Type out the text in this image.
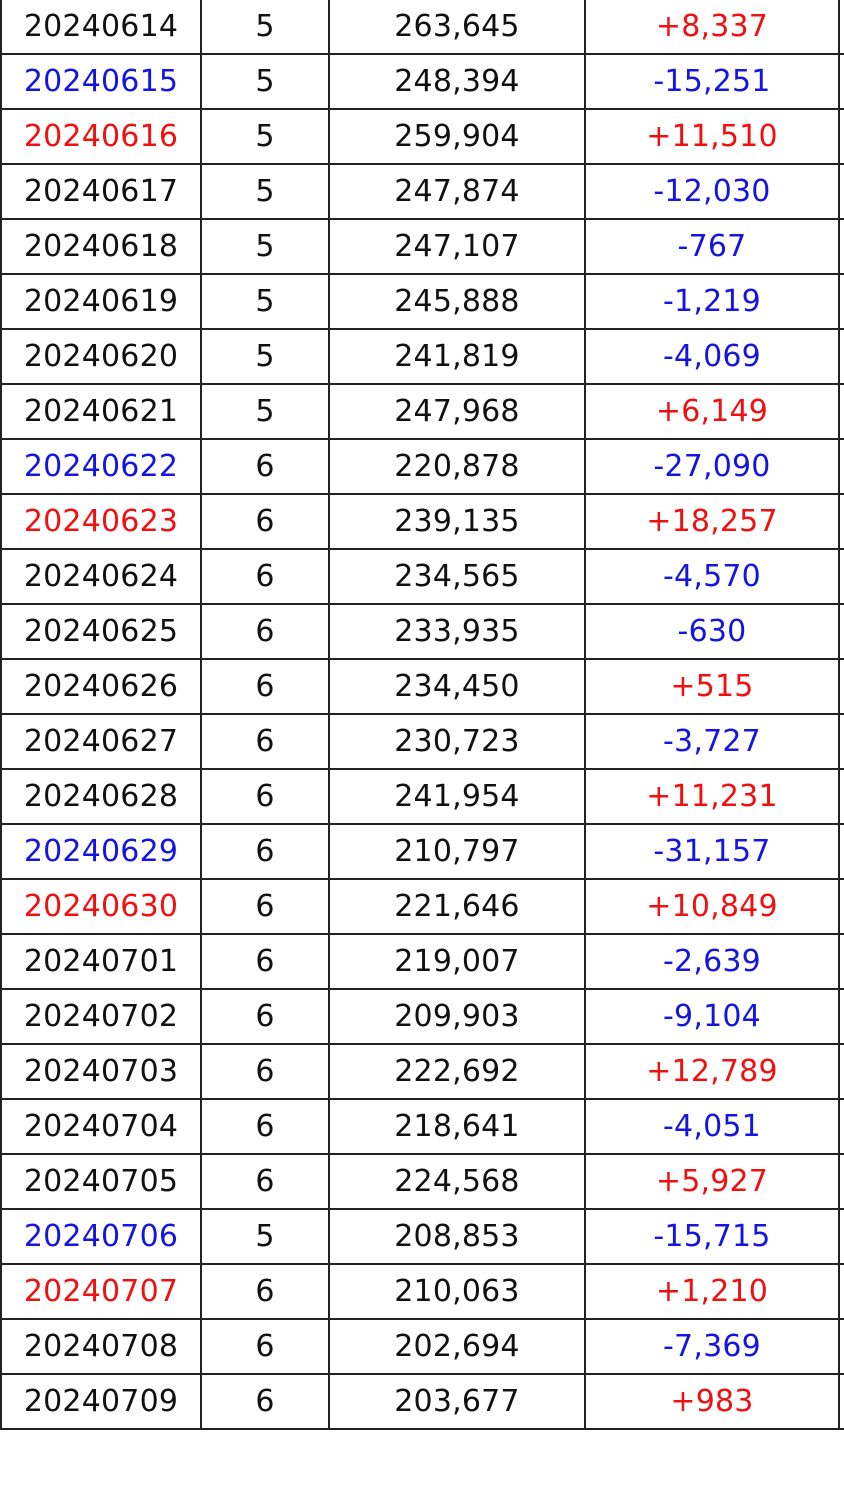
20240614	5	263,645	+8,337	
20240615	5	248,394	-15,251	
20240616	5	259,904	+11,510	
20240617	5	247,874	-12,030	
20240618	5	247,107	-767	
20240619	5	245,888	-1,219	
20240620	5	241,819	-4,069	
20240621	5	247,968	+6,149	
20240622	6	220,878	-27,090	
20240623	6	239,135	+18,257	
20240624	6	234,565	-4,570	
20240625	6	233,935	-630	
20240626	6	234,450	+515	
20240627	6	230,723	-3,727	
20240628	6	241,954	+11,231	
20240629	6	210,797	-31,157	
20240630	6	221,646	+10,849	
20240701	6	219,007	-2,639	
20240702	6	209,903	-9,104	
20240703	6	222,692	+12,789	
20240704	6	218,641	-4,051	
20240705	6	224,568	+5,927	
20240706	5	208,853	-15,715	
20240707	6	210,063	+1,210	
20240708	6	202,694	-7,369	
20240709	6	203,677	+983	
